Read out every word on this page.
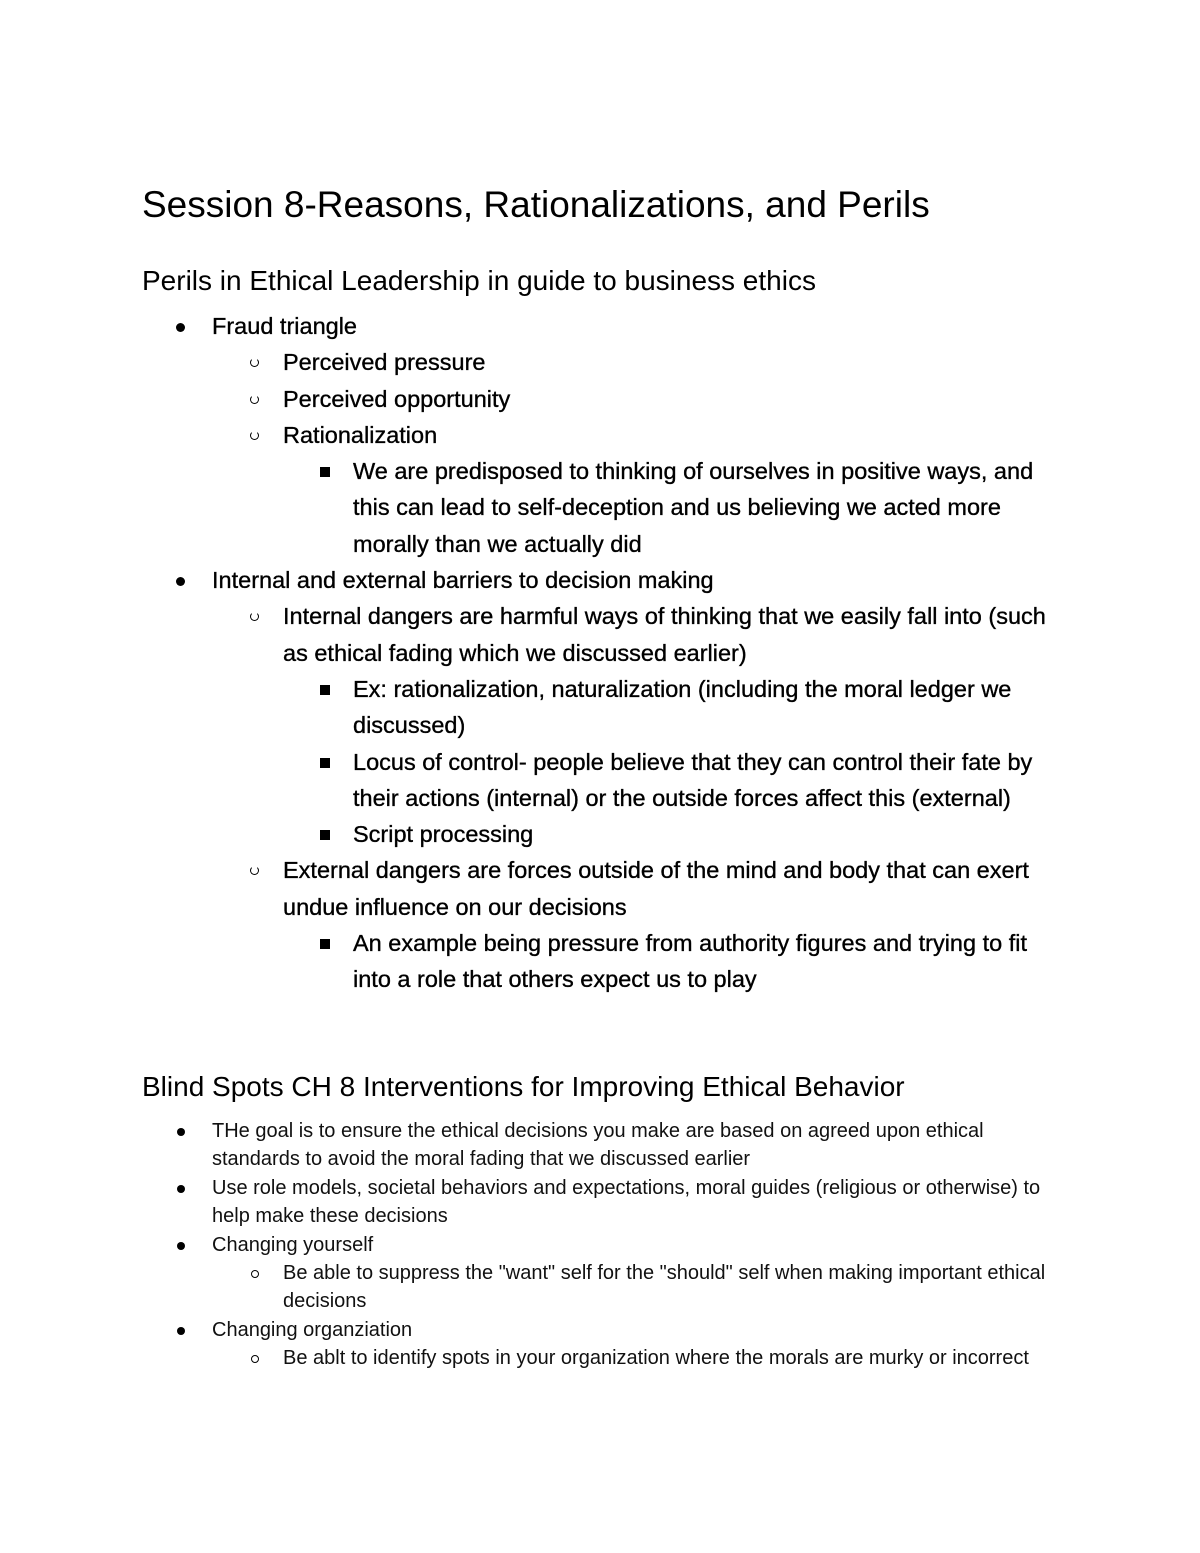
Session 8-Reasons, Rationalizations, and Perils
Perils in Ethical Leadership in guide to business ethics
Fraud triangle
Perceived pressure
Perceived opportunity
Rationalization
We are predisposed to thinking of ourselves in positive ways, and this can lead to self-deception and us believing we acted more morally than we actually did
Internal and external barriers to decision making
Internal dangers are harmful ways of thinking that we easily fall into (such as ethical fading which we discussed earlier)
Ex: rationalization, naturalization (including the moral ledger we discussed)
Locus of control- people believe that they can control their fate by their actions (internal) or the outside forces affect this (external)
Script processing
External dangers are forces outside of the mind and body that can exert undue influence on our decisions
An example being pressure from authority figures and trying to fit into a role that others expect us to play
Blind Spots CH 8 Interventions for Improving Ethical Behavior
THe goal is to ensure the ethical decisions you make are based on agreed upon ethical standards to avoid the moral fading that we discussed earlier
Use role models, societal behaviors and expectations, moral guides (religious or otherwise) to help make these decisions
Changing yourself
Be able to suppress the "want" self for the "should" self when making important ethical decisions
Changing organziation
Be ablt to identify spots in your organization where the morals are murky or incorrect
